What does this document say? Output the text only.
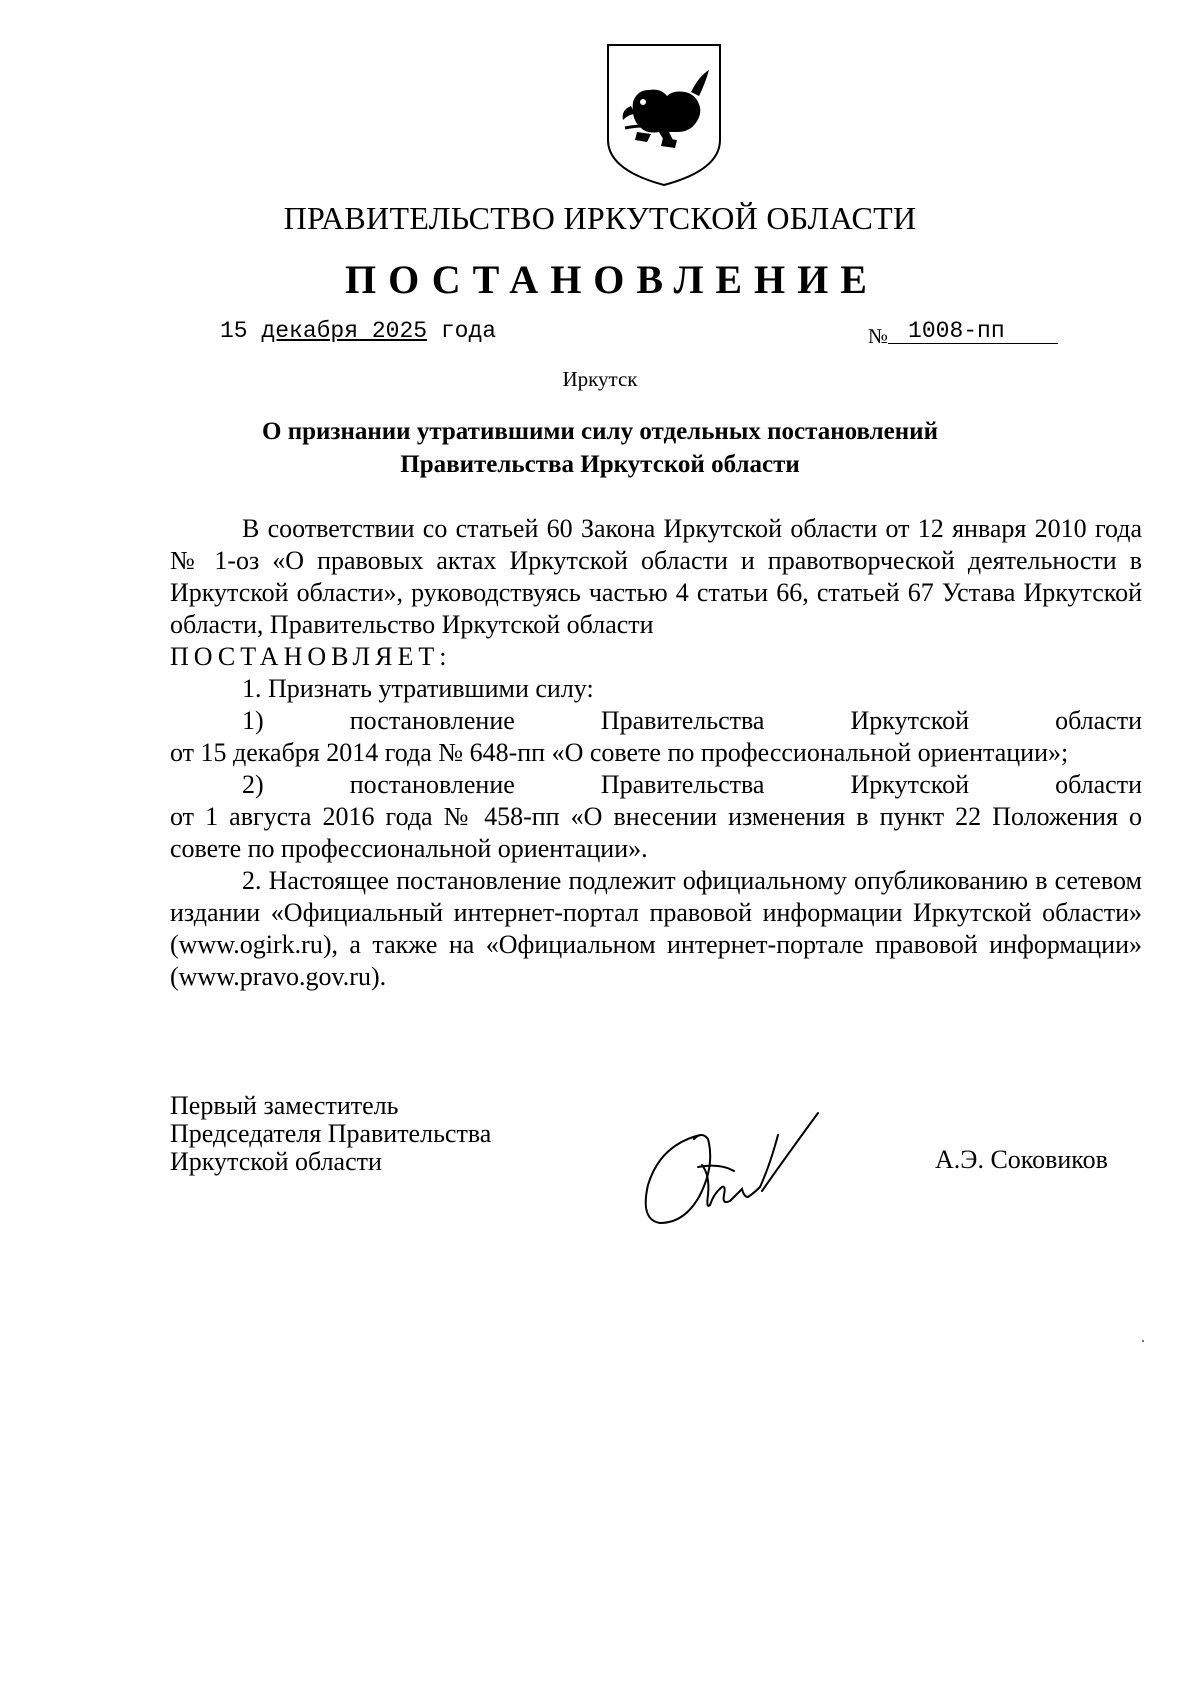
ПРАВИТЕЛЬСТВО ИРКУТСКОЙ ОБЛАСТИ
ПОСТАНОВЛЕНИЕ
15 декабря 2025 года	№ 1008-пп
Иркутск
О признании утратившими силу отдельных постановлений
Правительства Иркутской области

В соответствии со статьей 60 Закона Иркутской области от 12 января 2010 года № 1-оз «О правовых актах Иркутской области и правотворческой деятельности в Иркутской области», руководствуясь частью 4 статьи 66, статьей 67 Устава Иркутской области, Правительство Иркутской области

ПОСТАНОВЛЯЕТ:

1. Признать утратившими силу:

1) постановление Правительства Иркутской области

от 15 декабря 2014 года № 648-пп «О совете по профессиональной ориентации»;

2) постановление Правительства Иркутской области

от 1 августа 2016 года № 458-пп «О внесении изменения в пункт 22 Положения о совете по профессиональной ориентации».

2. Настоящее постановление подлежит официальному опубликованию в сетевом издании «Официальный интернет-портал правовой информации Иркутской области» (www.ogirk.ru), а также на «Официальном интернет-портале правовой информации» (www.pravo.gov.ru).

Первый заместитель
Председателя Правительства
Иркутской области	А.Э. Соковиков
